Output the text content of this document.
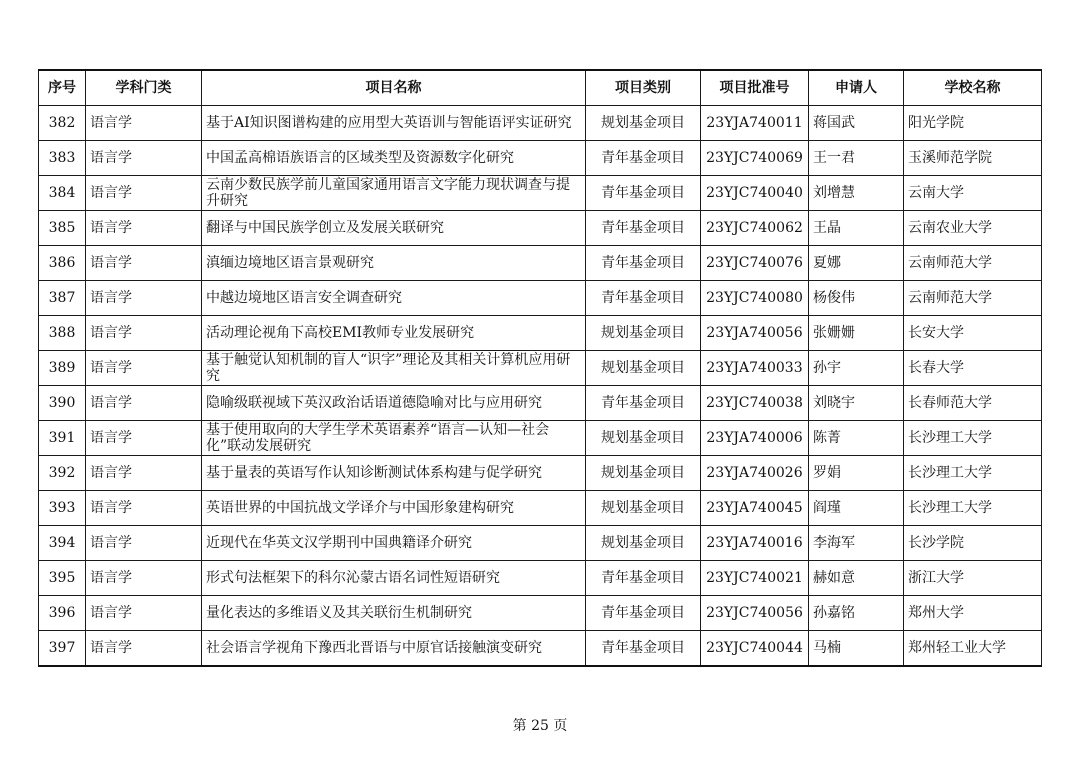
序号	学科门类	项目名称	项目类别	项目批准号	申请人	学校名称
382	语言学	基于AI知识图谱构建的应用型大英语训与智能语评实证研究	规划基金项目	23YJA740011	蒋国武	阳光学院
383	语言学	中国孟高棉语族语言的区域类型及资源数字化研究	青年基金项目	23YJC740069	王一君	玉溪师范学院
384	语言学	云南少数民族学前儿童国家通用语言文字能力现状调查与提升研究	青年基金项目	23YJC740040	刘增慧	云南大学
385	语言学	翻译与中国民族学创立及发展关联研究	青年基金项目	23YJC740062	王晶	云南农业大学
386	语言学	滇缅边境地区语言景观研究	青年基金项目	23YJC740076	夏娜	云南师范大学
387	语言学	中越边境地区语言安全调查研究	青年基金项目	23YJC740080	杨俊伟	云南师范大学
388	语言学	活动理论视角下高校EMI教师专业发展研究	规划基金项目	23YJA740056	张姗姗	长安大学
389	语言学	基于触觉认知机制的盲人“识字”理论及其相关计算机应用研究	规划基金项目	23YJA740033	孙宇	长春大学
390	语言学	隐喻级联视域下英汉政治话语道德隐喻对比与应用研究	青年基金项目	23YJC740038	刘晓宇	长春师范大学
391	语言学	基于使用取向的大学生学术英语素养“语言—认知—社会化”联动发展研究	规划基金项目	23YJA740006	陈菁	长沙理工大学
392	语言学	基于量表的英语写作认知诊断测试体系构建与促学研究	规划基金项目	23YJA740026	罗娟	长沙理工大学
393	语言学	英语世界的中国抗战文学译介与中国形象建构研究	规划基金项目	23YJA740045	阎瑾	长沙理工大学
394	语言学	近现代在华英文汉学期刊中国典籍译介研究	规划基金项目	23YJA740016	李海军	长沙学院
395	语言学	形式句法框架下的科尔沁蒙古语名词性短语研究	青年基金项目	23YJC740021	赫如意	浙江大学
396	语言学	量化表达的多维语义及其关联衍生机制研究	青年基金项目	23YJC740056	孙嘉铭	郑州大学
397	语言学	社会语言学视角下豫西北晋语与中原官话接触演变研究	青年基金项目	23YJC740044	马楠	郑州轻工业大学
第 25 页
